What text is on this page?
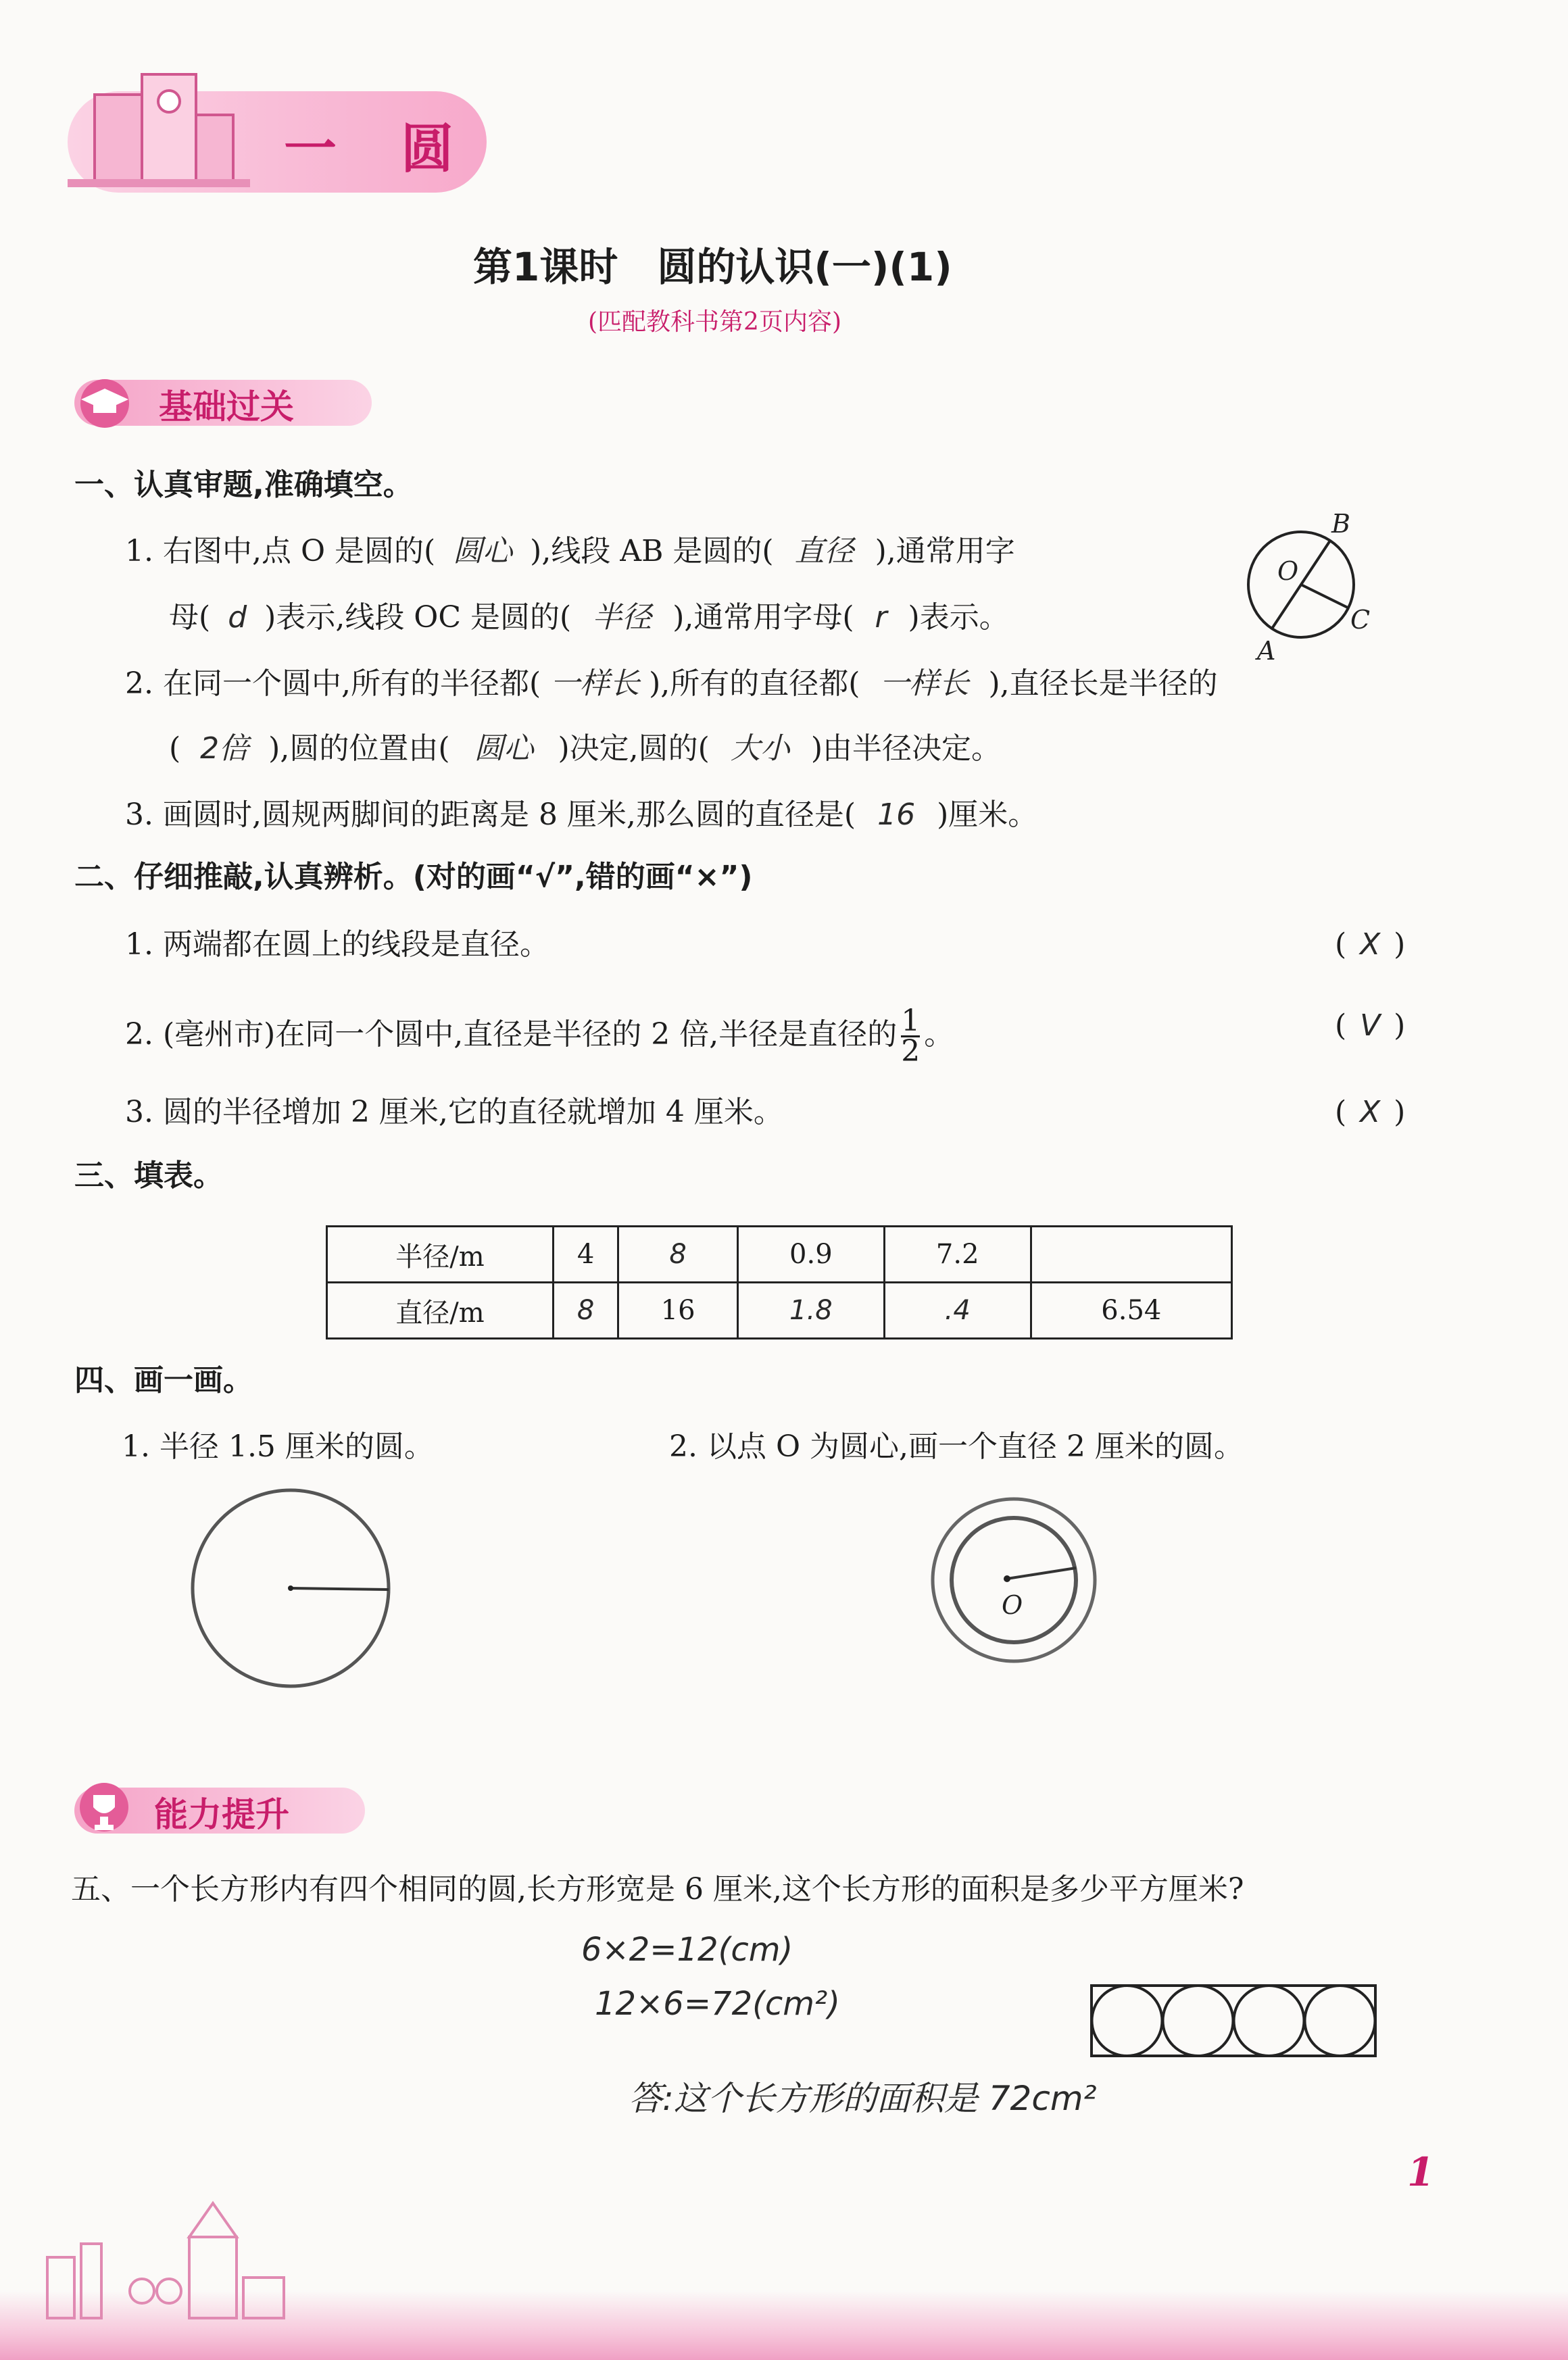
一 圆
第1课时　圆的认识(一)(1)
(匹配教科书第2页内容)
基础过关
一、认真审题,准确填空。
1. 右图中,点 O 是圆的( 圆心 ),线段 AB 是圆的( 直径 ),通常用字
母( d )表示,线段 OC 是圆的( 半径 ),通常用字母( r )表示。
O
B
A
C
2. 在同一个圆中,所有的半径都( 一样长 ),所有的直径都( 一样长 ),直径长是半径的
( 2倍 ),圆的位置由( 圆心 )决定,圆的( 大小 )由半径决定。
3. 画圆时,圆规两脚间的距离是 8 厘米,那么圆的直径是( 16 )厘米。
二、仔细推敲,认真辨析。(对的画“√”,错的画“×”)
1. 两端都在圆上的线段是直径。	( X )
2. (亳州市)在同一个圆中,直径是半径的 2 倍,半径是直径的 $\frac{1}{2}$ 。	( V )
3. 圆的半径增加 2 厘米,它的直径就增加 4 厘米。	( X )
三、填表。
半径/m	4	8	0.9	7.2	
直径/m	8	16	1.8	.4	6.54
四、画一画。
1. 半径 1.5 厘米的圆。	2. 以点 O 为圆心,画一个直径 2 厘米的圆。
O
能力提升
五、一个长方形内有四个相同的圆,长方形宽是 6 厘米,这个长方形的面积是多少平方厘米?
6×2=12(cm)
12×6=72(cm²)
答:这个长方形的面积是 72cm²
1
